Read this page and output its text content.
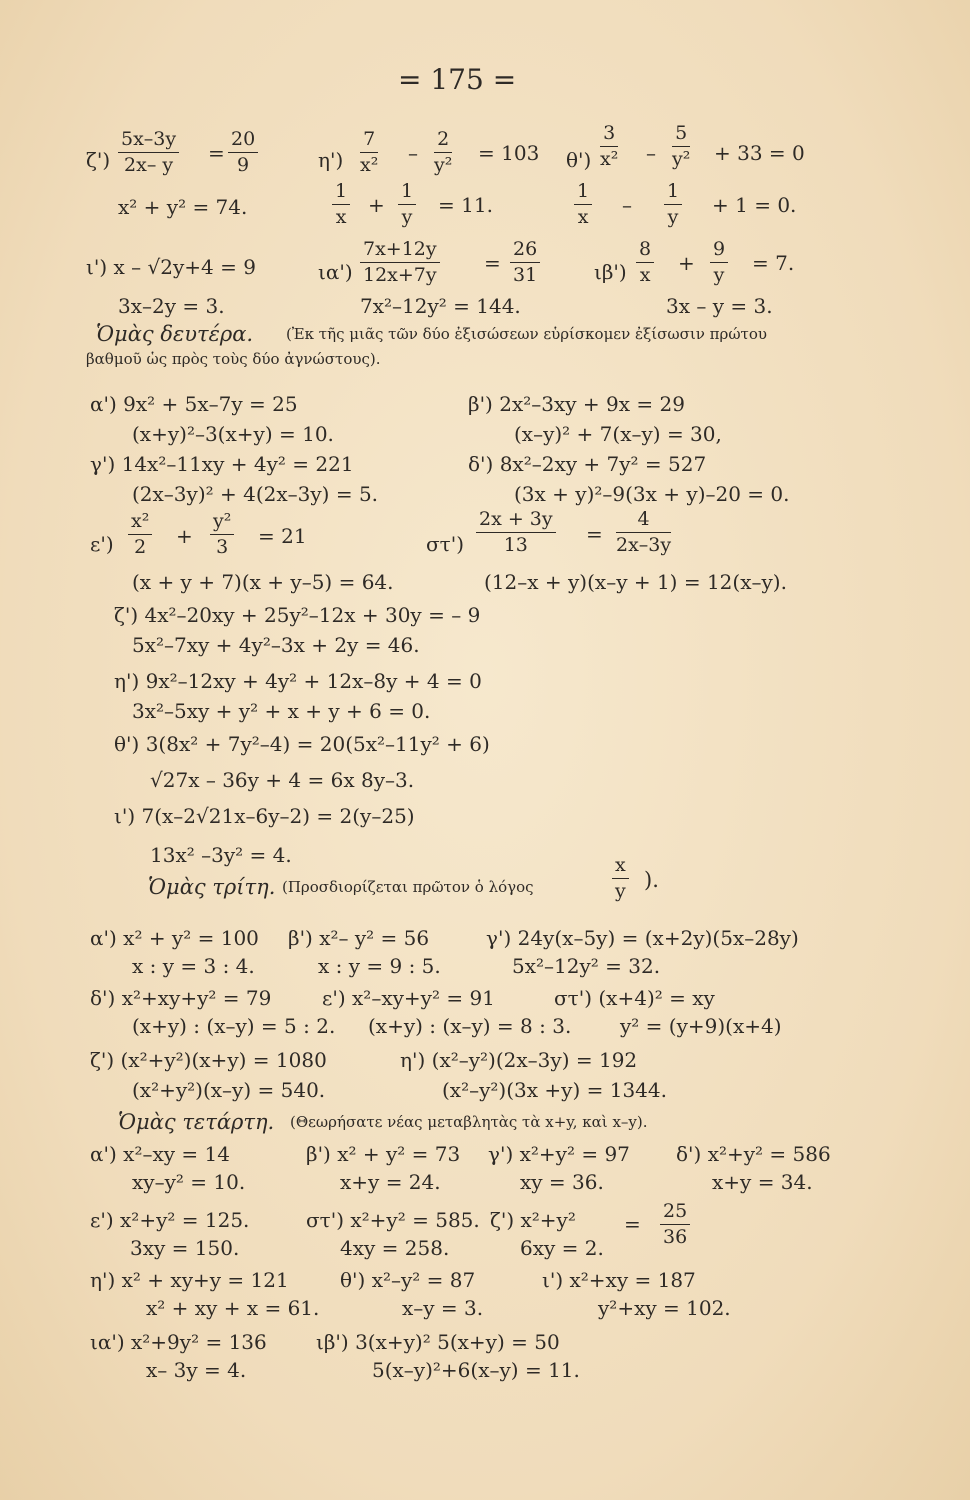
= 175 =
$\zeta') \frac{5x-3y}{2x- y} = \frac{20}{9}$
x² + y² = 74.
$\eta') \frac{7}{\text{x²}} - \frac{2}{\text{y²}} = 103$
$\frac{1}{x} + \frac{1}{y} = 11$.
$\theta') \frac{3}{\text{x²}} - \frac{5}{\text{y²}} + 33 = 0$
$\frac{1}{x} - \frac{1}{y} + 1 = 0$.
ι') x – √2y+4 = 9
3x–2y = 3.
$\iota\alpha') \frac{7x+12y}{12x+7y} = \frac{26}{31}$
7x²–12y² = 144.
$\iota\beta') \frac{8}{x} + \frac{9}{y} = 7$.
3x – y = 3.
Ὁμὰς δευτέρα. (Ἐκ τῆς μιᾶς τῶν δύο ἐξισώσεων εὑρίσκομεν ἐξίσωσιν πρώτου
βαθμοῦ ὡς πρὸς τοὺς δύο ἀγνώστους).
α') 9x² + 5x–7y = 25
(x+y)²–3(x+y) = 10.
β') 2x²–3xy + 9x = 29
(x–y)² + 7(x–y) = 30,
γ') 14x²–11xy + 4y² = 221
(2x–3y)² + 4(2x–3y) = 5.
δ') 8x²–2xy + 7y² = 527
(3x + y)²–9(3x + y)–20 = 0.
$\varepsilon') \frac{\text{x²}}{2} + \frac{\text{y²}}{3} = 21$
(x + y + 7)(x + y–5) = 64.
$\sigma\tau') \frac{2x + 3y}{13} = \frac{4}{2x-3y}$
(12–x + y)(x–y + 1) = 12(x–y).
ζ') 4x²–20xy + 25y²–12x + 30y = – 9
5x²–7xy + 4y²–3x + 2y = 46.
η') 9x²–12xy + 4y² + 12x–8y + 4 = 0
3x²–5xy + y² + x + y + 6 = 0.
θ') 3(8x² + 7y²–4) = 20(5x²–11y² + 6)
√27x – 36y + 4 = 6x 8y–3.
ι') 7(x–2√21x–6y–2) = 2(y–25)
13x² –3y² = 4.
Ὁμὰς τρίτη. (Προσδιορίζεται πρῶτον ὁ λόγος	$\frac{x}{y}$ ).
α') x² + y² = 100
x : y = 3 : 4.
β') x²– y² = 56
x : y = 9 : 5.
γ') 24y(x–5y) = (x+2y)(5x–28y)
5x²–12y² = 32.
δ') x²+xy+y² = 79
(x+y) : (x–y) = 5 : 2.
ε') x²–xy+y² = 91
(x+y) : (x–y) = 8 : 3.
στ') (x+4)² = xy
y² = (y+9)(x+4)
ζ') (x²+y²)(x+y) = 1080
(x²+y²)(x–y) = 540.
η') (x²–y²)(2x–3y) = 192
(x²–y²)(3x +y) = 1344.
Ὁμὰς τετάρτη. (Θεωρήσατε νέας μεταβλητὰς τὰ x+y, καὶ x–y).
α') x²–xy = 14
xy–y² = 10.
β') x² + y² = 73
x+y = 24.
γ') x²+y² = 97
xy = 36.
δ') x²+y² = 586
x+y = 34.
ε') x²+y² = 125.
3xy = 150.
στ') x²+y² = 585.
4xy = 258.
ζ') $x^2+y^2 = \frac{25}{36}$
6xy = 2.
η') x² + xy+y = 121
x² + xy + x = 61.
θ') x²–y² = 87
x–y = 3.
ι') x²+xy = 187
y²+xy = 102.
ια') x²+9y² = 136
x– 3y = 4.
ιβ') 3(x+y)² 5(x+y) = 50
5(x–y)²+6(x–y) = 11.
